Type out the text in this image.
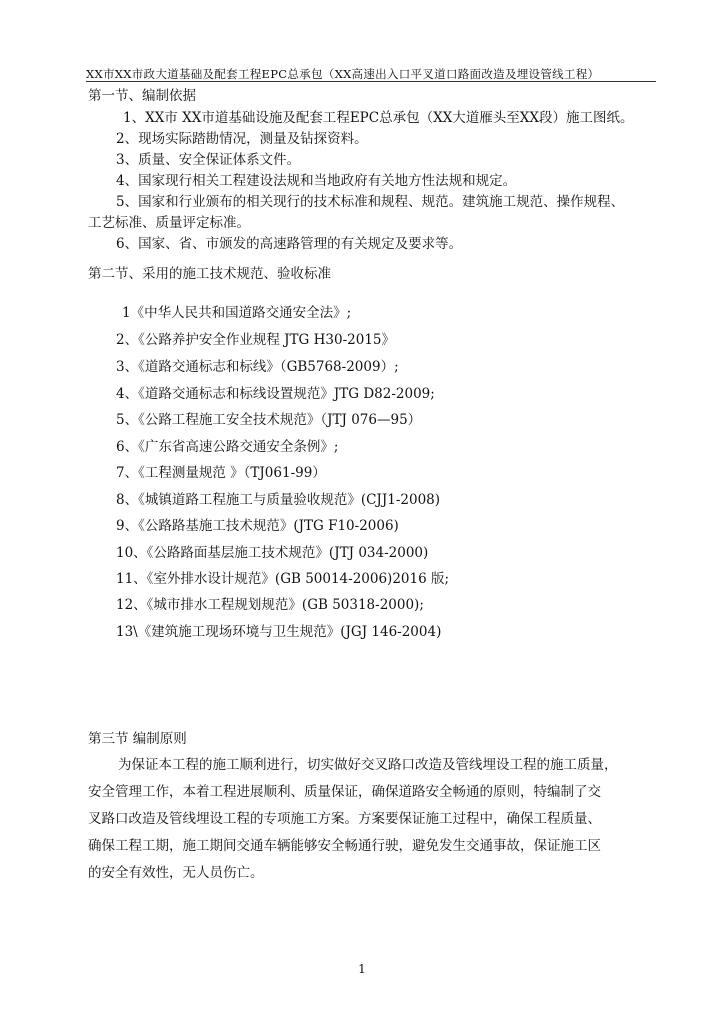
XX市XX市政大道基础及配套工程EPC总承包（XX高速出入口平叉道口路面改造及埋设管线工程）
第一节、编制依据
1、XX市 XX市道基础设施及配套工程EPC总承包（XX大道雁头至XX段）施工图纸。
2、现场实际踏勘情况，测量及钻探资料。
3、质量、安全保证体系文件。
4、国家现行相关工程建设法规和当地政府有关地方性法规和规定。
5、国家和行业颁布的相关现行的技术标准和规程、规范。建筑施工规范、操作规程、
工艺标准、质量评定标准。
6、国家、省、市颁发的高速路管理的有关规定及要求等。
第二节、采用的施工技术规范、验收标准
1《中华人民共和国道路交通安全法》;
2、《公路养护安全作业规程 JTG H30-2015》
3、《道路交通标志和标线》（GB5768-2009）;
4、《道路交通标志和标线设置规范》JTG D82-2009;
5、《公路工程施工安全技术规范》（JTJ 076—95）
6、《广东省高速公路交通安全条例》;
7、《工程测量规范 》（TJ061-99）
8、《城镇道路工程施工与质量验收规范》(CJJ1-2008)
9、《公路路基施工技术规范》(JTG F10-2006)
10、《公路路面基层施工技术规范》(JTJ 034-2000)
11、《室外排水设计规范》(GB 50014-2006)2016 版;
12、《城市排水工程规划规范》(GB 50318-2000);
13\《建筑施工现场环境与卫生规范》(JGJ 146-2004)
第三节 编制原则
为保证本工程的施工顺利进行，切实做好交叉路口改造及管线埋设工程的施工质量，
安全管理工作，本着工程进展顺利、质量保证，确保道路安全畅通的原则，特编制了交
叉路口改造及管线埋设工程的专项施工方案。方案要保证施工过程中，确保工程质量、
确保工程工期，施工期间交通车辆能够安全畅通行驶，避免发生交通事故，保证施工区
的安全有效性，无人员伤亡。
1
